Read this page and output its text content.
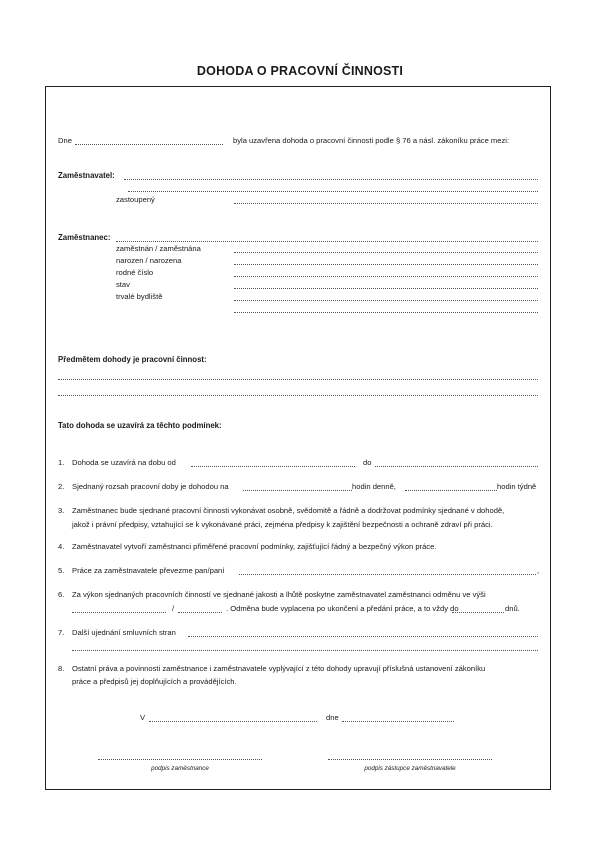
DOHODA O PRACOVNÍ ČINNOSTI
Dne	byla uzavřena dohoda o pracovní činnosti podle § 76 a násl. zákoníku práce mezi:
Zaměstnavatel:
zastoupený
Zaměstnanec:
zaměstnán / zaměstnána
narozen / narozena
rodné číslo
stav
trvalé bydliště
Předmětem dohody je pracovní činnost:
Tato dohoda se uzavírá za těchto podmínek:
1. Dohoda se uzavírá na dobu od	do
2. Sjednaný rozsah pracovní doby je dohodou na	hodin denně,	hodin týdně
3. Zaměstnanec bude sjednané pracovní činnosti vykonávat osobně, svědomitě a řádně a dodržovat podmínky sjednané v dohodě,
jakož i právní předpisy, vztahující se k vykonávané práci, zejména předpisy k zajištění bezpečnosti a ochraně zdraví při práci.
4. Zaměstnavatel vytvoří zaměstnanci přiměřené pracovní podmínky, zajišťující řádný a bezpečný výkon práce.
5. Práce za zaměstnavatele převezme pan/paní	,
6. Za výkon sjednaných pracovních činností ve sjednané jakosti a lhůtě poskytne zaměstnavatel zaměstnanci odměnu ve výši
/	. Odměna bude vyplacena po ukončení a předání práce, a to vždy do	dnů.
7. Další ujednání smluvních stran
8. Ostatní práva a povinnosti zaměstnance i zaměstnavatele vyplývající z této dohody upravují příslušná ustanovení zákoníku
práce a předpisů jej doplňujících a provádějících.
V	dne
podpis zaměstnance	podpis zástupce zaměstnavatele
